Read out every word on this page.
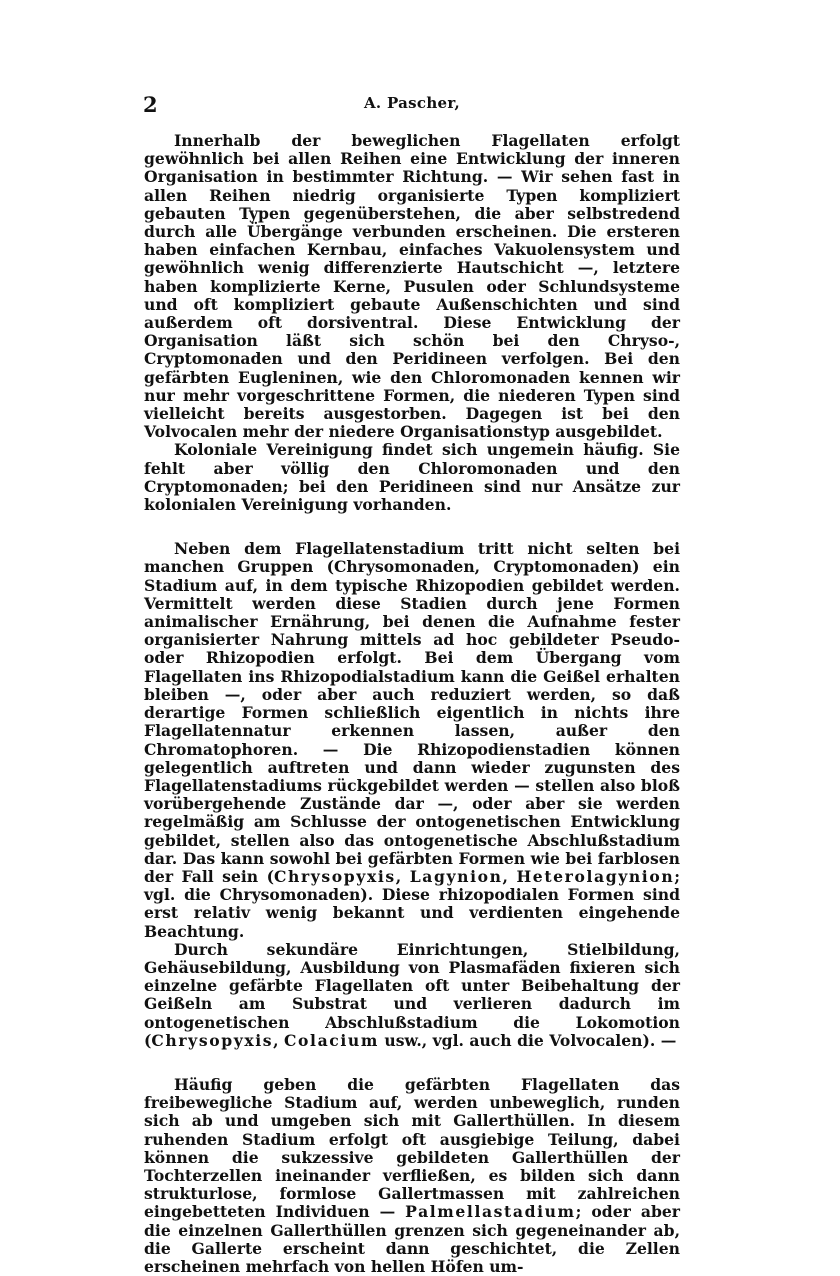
2	A. Pascher,

Innerhalb der beweglichen Flagellaten erfolgt gewöhnlich bei allen Reihen eine Entwicklung der inneren Organisation in bestimmter Richtung. — Wir sehen fast in allen Reihen niedrig organisierte Typen kompliziert gebauten Typen gegenüberstehen, die aber selbstredend durch alle Übergänge verbunden erscheinen. Die ersteren haben einfachen Kernbau, einfaches Vakuolensystem und gewöhnlich wenig differenzierte Hautschicht —, letztere haben komplizierte Kerne, Pusulen oder Schlundsysteme und oft kompliziert gebaute Außenschichten und sind außerdem oft dorsiventral. Diese Entwicklung der Organisation läßt sich schön bei den Chryso-, Cryptomonaden und den Peridineen verfolgen. Bei den gefärbten Eugleninen, wie den Chloromonaden kennen wir nur mehr vorgeschrittene Formen, die niederen Typen sind vielleicht bereits ausgestorben. Dagegen ist bei den Volvocalen mehr der niedere Organisationstyp ausgebildet.

Koloniale Vereinigung findet sich ungemein häufig. Sie fehlt aber völlig den Chloromonaden und den Cryptomonaden; bei den Peridineen sind nur Ansätze zur kolonialen Vereinigung vorhanden.

Neben dem Flagellatenstadium tritt nicht selten bei manchen Gruppen (Chrysomonaden, Cryptomonaden) ein Stadium auf, in dem typische Rhizopodien gebildet werden. Vermittelt werden diese Stadien durch jene Formen animalischer Ernährung, bei denen die Aufnahme fester organisierter Nahrung mittels ad hoc gebildeter Pseudo- oder Rhizopodien erfolgt. Bei dem Übergang vom Flagellaten ins Rhizopodialstadium kann die Geißel erhalten bleiben —, oder aber auch reduziert werden, so daß derartige Formen schließlich eigentlich in nichts ihre Flagellatennatur erkennen lassen, außer den Chromatophoren. — Die Rhizopodienstadien können gelegentlich auftreten und dann wieder zugunsten des Flagellatenstadiums rückgebildet werden — stellen also bloß vorübergehende Zustände dar —, oder aber sie werden regelmäßig am Schlusse der ontogenetischen Entwicklung gebildet, stellen also das ontogenetische Abschlußstadium dar. Das kann sowohl bei gefärbten Formen wie bei farblosen der Fall sein (Chrysopyxis, Lagynion, Heterolagynion; vgl. die Chrysomonaden). Diese rhizopodialen Formen sind erst relativ wenig bekannt und verdienten eingehende Beachtung.

Durch sekundäre Einrichtungen, Stielbildung, Gehäusebildung, Ausbildung von Plasmafäden fixieren sich einzelne gefärbte Flagellaten oft unter Beibehaltung der Geißeln am Substrat und verlieren dadurch im ontogenetischen Abschlußstadium die Lokomotion (Chrysopyxis, Colacium usw., vgl. auch die Volvocalen). —

Häufig geben die gefärbten Flagellaten das freibewegliche Stadium auf, werden unbeweglich, runden sich ab und umgeben sich mit Gallerthüllen. In diesem ruhenden Stadium erfolgt oft ausgiebige Teilung, dabei können die sukzessive gebildeten Gallerthüllen der Tochterzellen ineinander verfließen, es bilden sich dann strukturlose, formlose Gallertmassen mit zahlreichen eingebetteten Individuen — Palmellastadium; oder aber die einzelnen Gallerthüllen grenzen sich gegeneinander ab, die Gallerte erscheint dann geschichtet, die Zellen erscheinen mehrfach von hellen Höfen um-
